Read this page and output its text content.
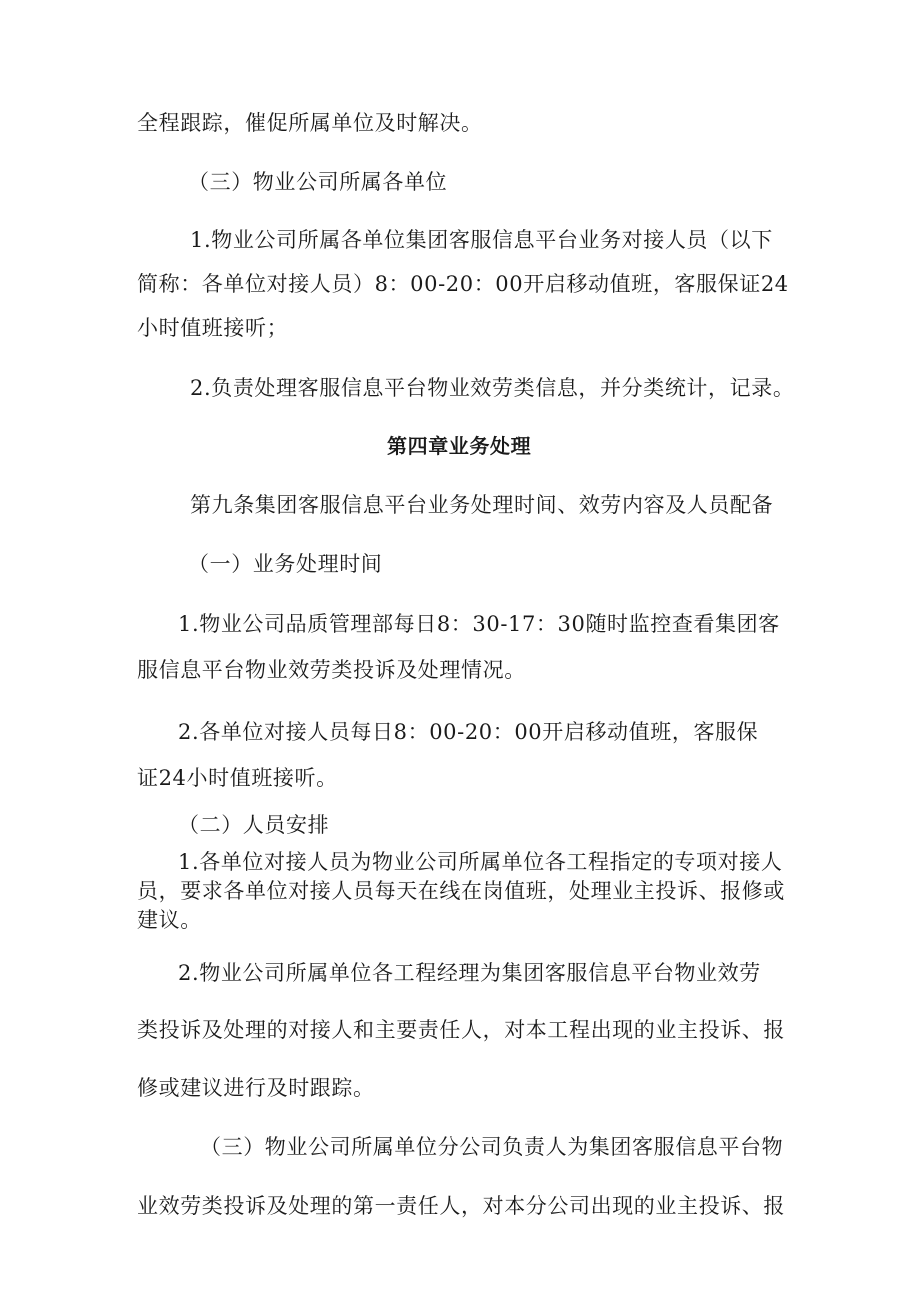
全程跟踪，催促所属单位及时解决。
（三）物业公司所属各单位
1.物业公司所属各单位集团客服信息平台业务对接人员（以下
简称：各单位对接人员）8：00-20：00开启移动值班，客服保证24
小时值班接听；
2.负责处理客服信息平台物业效劳类信息，并分类统计，记录。
第四章业务处理
第九条集团客服信息平台业务处理时间、效劳内容及人员配备
（一）业务处理时间
1.物业公司品质管理部每日8：30-17：30随时监控查看集团客
服信息平台物业效劳类投诉及处理情况。
2.各单位对接人员每日8：00-20：00开启移动值班，客服保
证24小时值班接听。
（二）人员安排
1.各单位对接人员为物业公司所属单位各工程指定的专项对接人
员，要求各单位对接人员每天在线在岗值班，处理业主投诉、报修或
建议。
2.物业公司所属单位各工程经理为集团客服信息平台物业效劳
类投诉及处理的对接人和主要责任人，对本工程出现的业主投诉、报
修或建议进行及时跟踪。
（三）物业公司所属单位分公司负责人为集团客服信息平台物
业效劳类投诉及处理的第一责任人，对本分公司出现的业主投诉、报
